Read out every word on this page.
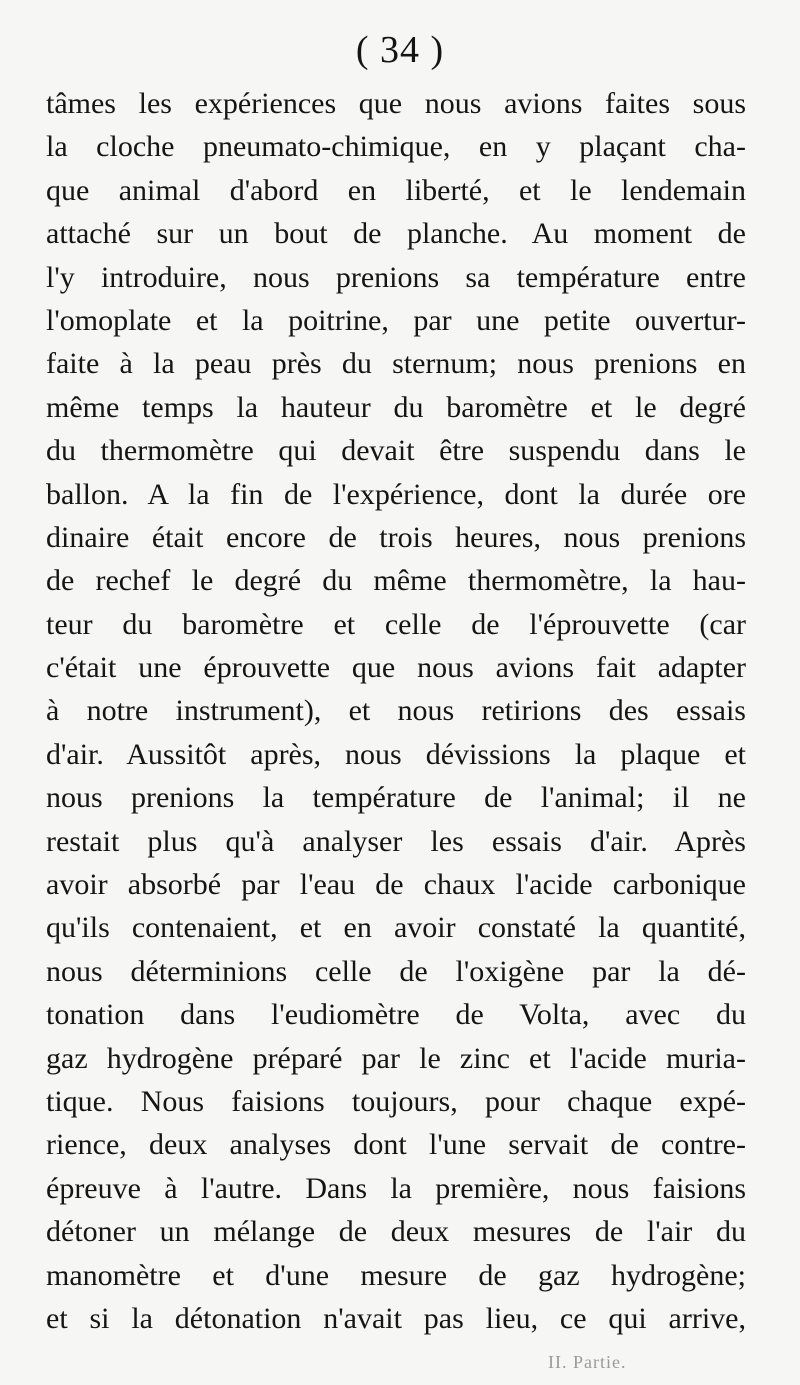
( 34 )
tâmes les expériences que nous avions faites sous
la cloche pneumato-chimique, en y plaçant cha-
que animal d'abord en liberté, et le lendemain
attaché sur un bout de planche. Au moment de
l'y introduire, nous prenions sa température entre
l'omoplate et la poitrine, par une petite ouvertur-
faite à la peau près du sternum; nous prenions en
même temps la hauteur du baromètre et le degré
du thermomètre qui devait être suspendu dans le
ballon. A la fin de l'expérience, dont la durée ore
dinaire était encore de trois heures, nous prenions
de rechef le degré du même thermomètre, la hau-
teur du baromètre et celle de l'éprouvette (car
c'était une éprouvette que nous avions fait adapter
à notre instrument), et nous retirions des essais
d'air. Aussitôt après, nous dévissions la plaque et
nous prenions la température de l'animal; il ne
restait plus qu'à analyser les essais d'air. Après
avoir absorbé par l'eau de chaux l'acide carbonique
qu'ils contenaient, et en avoir constaté la quantité,
nous déterminions celle de l'oxigène par la dé-
tonation dans l'eudiomètre de Volta, avec du
gaz hydrogène préparé par le zinc et l'acide muria-
tique. Nous faisions toujours, pour chaque expé-
rience, deux analyses dont l'une servait de contre-
épreuve à l'autre. Dans la première, nous faisions
détoner un mélange de deux mesures de l'air du
manomètre et d'une mesure de gaz hydrogène;
et si la détonation n'avait pas lieu, ce qui arrive,
II. Partie.
